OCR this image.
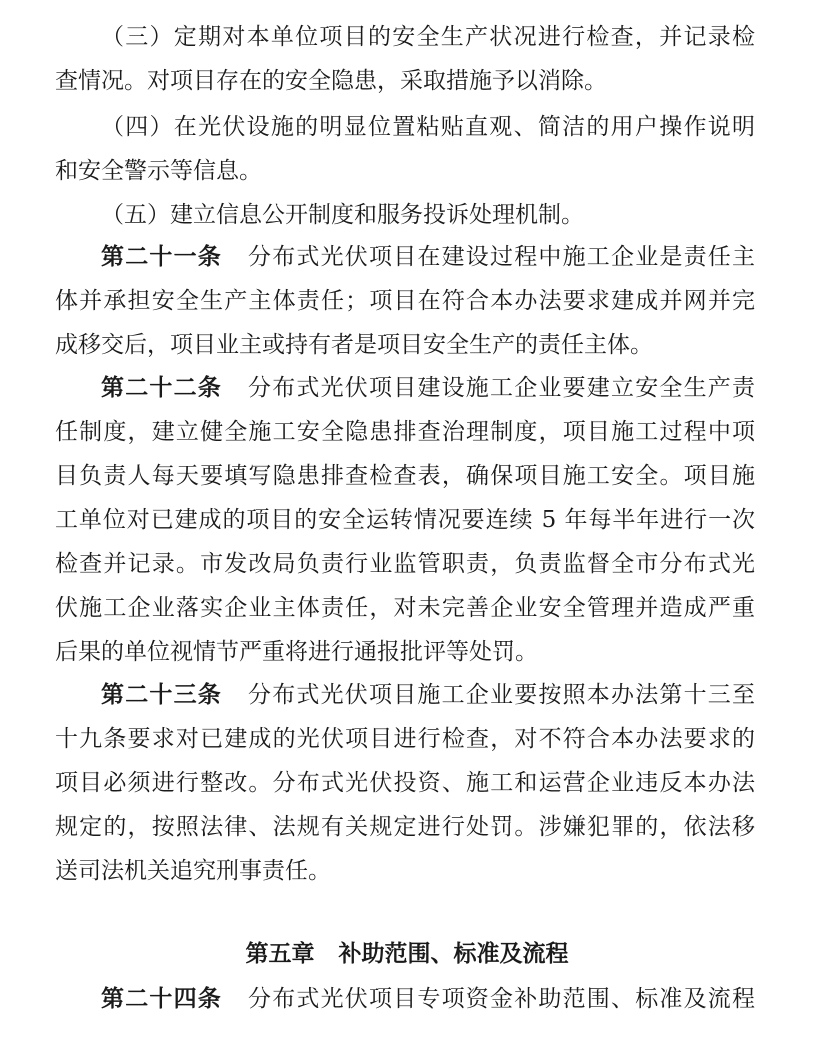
（三）定期对本单位项目的安全生产状况进行检查，并记录检
查情况。对项目存在的安全隐患，采取措施予以消除。
（四）在光伏设施的明显位置粘贴直观、简洁的用户操作说明
和安全警示等信息。
（五）建立信息公开制度和服务投诉处理机制。
第二十一条 分布式光伏项目在建设过程中施工企业是责任主
体并承担安全生产主体责任；项目在符合本办法要求建成并网并完
成移交后，项目业主或持有者是项目安全生产的责任主体。
第二十二条 分布式光伏项目建设施工企业要建立安全生产责
任制度，建立健全施工安全隐患排查治理制度，项目施工过程中项
目负责人每天要填写隐患排查检查表，确保项目施工安全。项目施
工单位对已建成的项目的安全运转情况要连续 5 年每半年进行一次
检查并记录。市发改局负责行业监管职责，负责监督全市分布式光
伏施工企业落实企业主体责任，对未完善企业安全管理并造成严重
后果的单位视情节严重将进行通报批评等处罚。
第二十三条 分布式光伏项目施工企业要按照本办法第十三至
十九条要求对已建成的光伏项目进行检查，对不符合本办法要求的
项目必须进行整改。分布式光伏投资、施工和运营企业违反本办法
规定的，按照法律、法规有关规定进行处罚。涉嫌犯罪的，依法移
送司法机关追究刑事责任。
第五章 补助范围、标准及流程
第二十四条 分布式光伏项目专项资金补助范围、标准及流程
